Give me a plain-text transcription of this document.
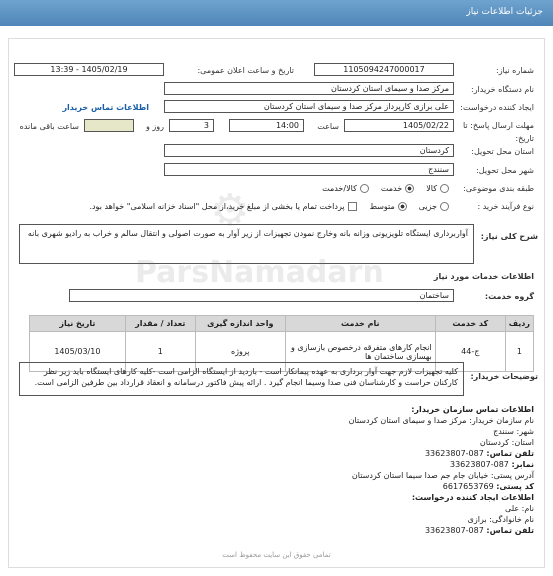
جزئیات اطلاعات نیاز
شماره نیاز:
1105094247000017
تاریخ و ساعت اعلان عمومی:
1405/02/19 - 13:39
نام دستگاه خریدار:
مرکز صدا و سیمای استان کردستان
ایجاد کننده درخواست:
علی برازی کارپرداز مرکز صدا و سیمای استان کردستان
اطلاعات تماس خریدار
مهلت ارسال پاسخ: تا
تاریخ:
1405/02/22
ساعت
14:00
3
روز و
ساعت باقی مانده
استان محل تحویل:
کردستان
شهر محل تحویل:
سنندج
طبقه بندی موضوعی:
کالا
خدمت
کالا/خدمت
نوع فرآیند خرید :
جزیی
متوسط
پرداخت تمام یا بخشی از مبلغ خرید،از محل "اسناد خزانه اسلامی" خواهد بود.
شرح کلی نیاز:
آواربرداری ایستگاه تلویزیونی وزانه بانه وخارج نمودن تجهیزات از زیر آوار به صورت اصولی و انتقال سالم و خراب به رادیو شهری بانه
اطلاعات خدمات مورد نیاز
گروه خدمت:
ساختمان
ردیف	کد خدمت	نام خدمت	واحد اندازه گیری	تعداد / مقدار	تاریخ نیاز
1	ج-44	انجام کارهای متفرقه درخصوص بازسازی و بهسازی ساختمان ها	پروژه	1	1405/03/10
توضیحات خریدار:
کلیه تجهیزات لازم جهت آوار برداری به عهده پیمانکار است - بازدید از ایستگاه الزامی است -کلیه کارهای ایستگاه باید زیر نظر کارکنان حراست و کارشناسان فنی صدا وسیما انجام گیرد . ارائه پیش فاکتور درسامانه و انعقاد قرارداد بین طرفین الزامی است.
اطلاعات تماس سازمان خریدار:
نام سازمان خریدار: مرکز صدا و سیمای استان کردستان
شهر: سنندج
استان: کردستان
تلفن تماس: 087-33623807
نمابر: 087-33623807
آدرس پستی: خیابان جام جم صدا سیما استان کردستان
کد پستی: 6617653769
اطلاعات ایجاد کننده درخواست:
نام: علی
نام خانوادگی: برازی
تلفن تماس: 087-33623807
تمامی حقوق این سایت محفوظ است
ParsNamadarn
⚙
